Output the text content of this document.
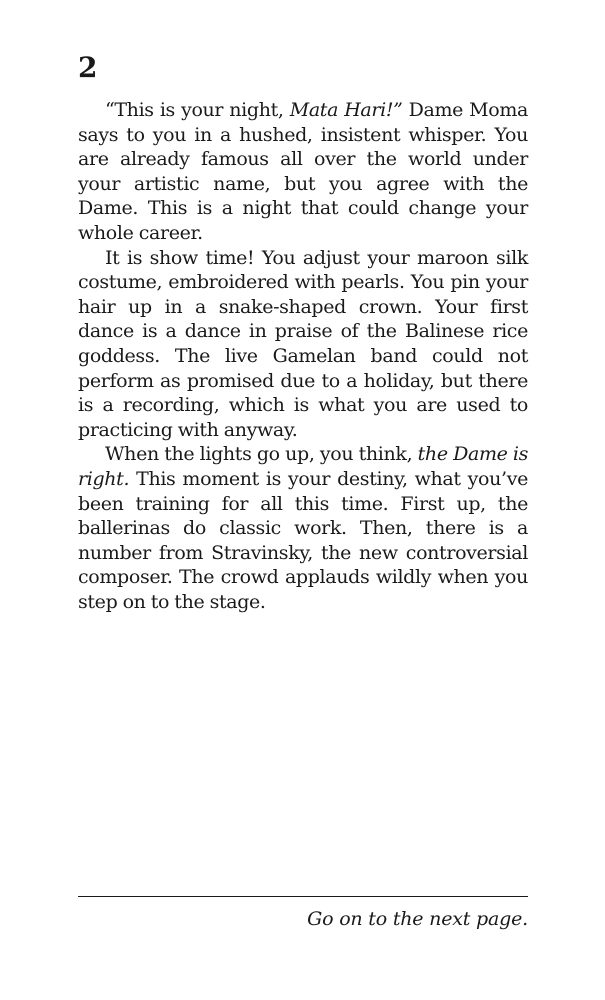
2

“This is your night, Mata Hari!” Dame Moma says to you in a hushed, insistent whisper. You are already famous all over the world under your artistic name, but you agree with the Dame. This is a night that could change your whole career.

It is show time! You adjust your maroon silk costume, embroidered with pearls. You pin your hair up in a snake-shaped crown. Your first dance is a dance in praise of the Balinese rice goddess. The live Gamelan band could not perform as promised due to a holiday, but there is a recording, which is what you are used to practicing with anyway.

When the lights go up, you think, the Dame is right. This moment is your destiny, what you’ve been training for all this time. First up, the ballerinas do classic work. Then, there is a number from Stravinsky, the new controversial composer. The crowd applauds wildly when you step on to the stage.

Go on to the next page.
